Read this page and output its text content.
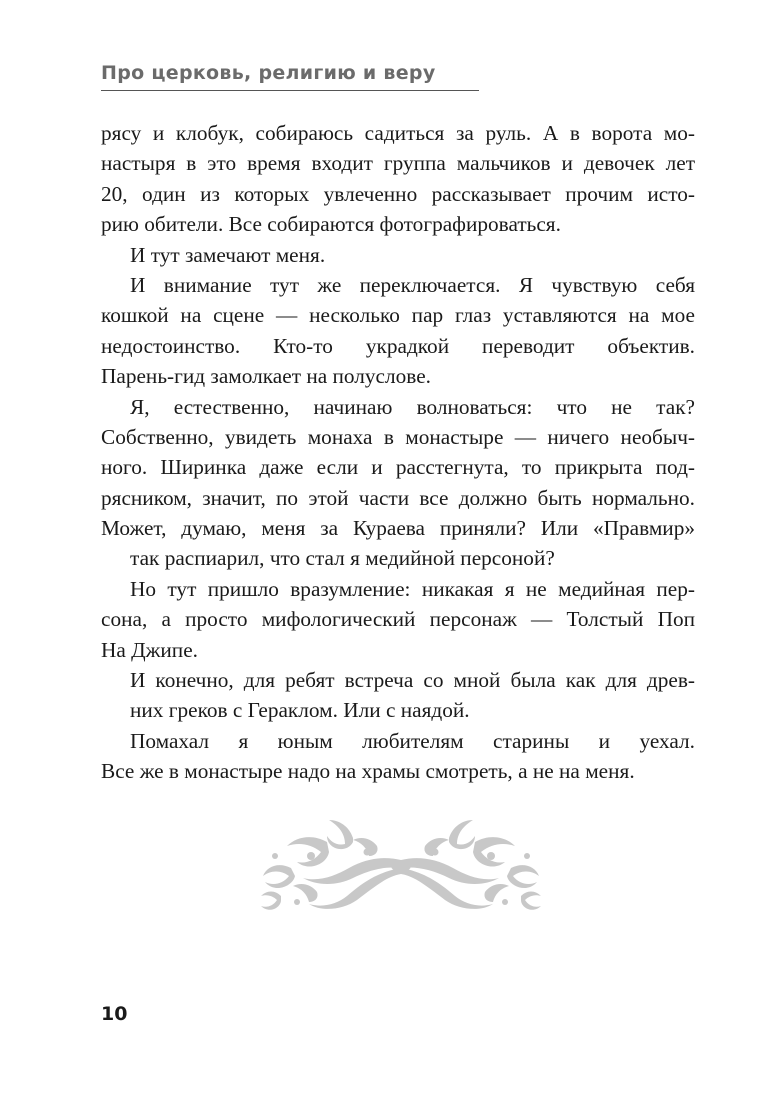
Про церковь, религию и веру
рясу и клобук, собираюсь садиться за руль. А в ворота мо-
настыря в это время входит группа мальчиков и девочек лет
20, один из которых увлеченно рассказывает прочим исто-
рию обители. Все собираются фотографироваться.
И тут замечают меня.
И внимание тут же переключается. Я чувствую себя
кошкой на сцене — несколько пар глаз уставляются на мое
недостоинство. Кто-то украдкой переводит объектив.
Парень-гид замолкает на полуслове.
Я, естественно, начинаю волноваться: что не так?
Собственно, увидеть монаха в монастыре — ничего необыч-
ного. Ширинка даже если и расстегнута, то прикрыта под-
рясником, значит, по этой части все должно быть нормально.
Может, думаю, меня за Кураева приняли? Или «Правмир»
так распиарил, что стал я медийной персоной?
Но тут пришло вразумление: никакая я не медийная пер-
сона, а просто мифологический персонаж — Толстый Поп
На Джипе.
И конечно, для ребят встреча со мной была как для древ-
них греков с Гераклом. Или с наядой.
Помахал я юным любителям старины и уехал.
Все же в монастыре надо на храмы смотреть, а не на меня.
10
